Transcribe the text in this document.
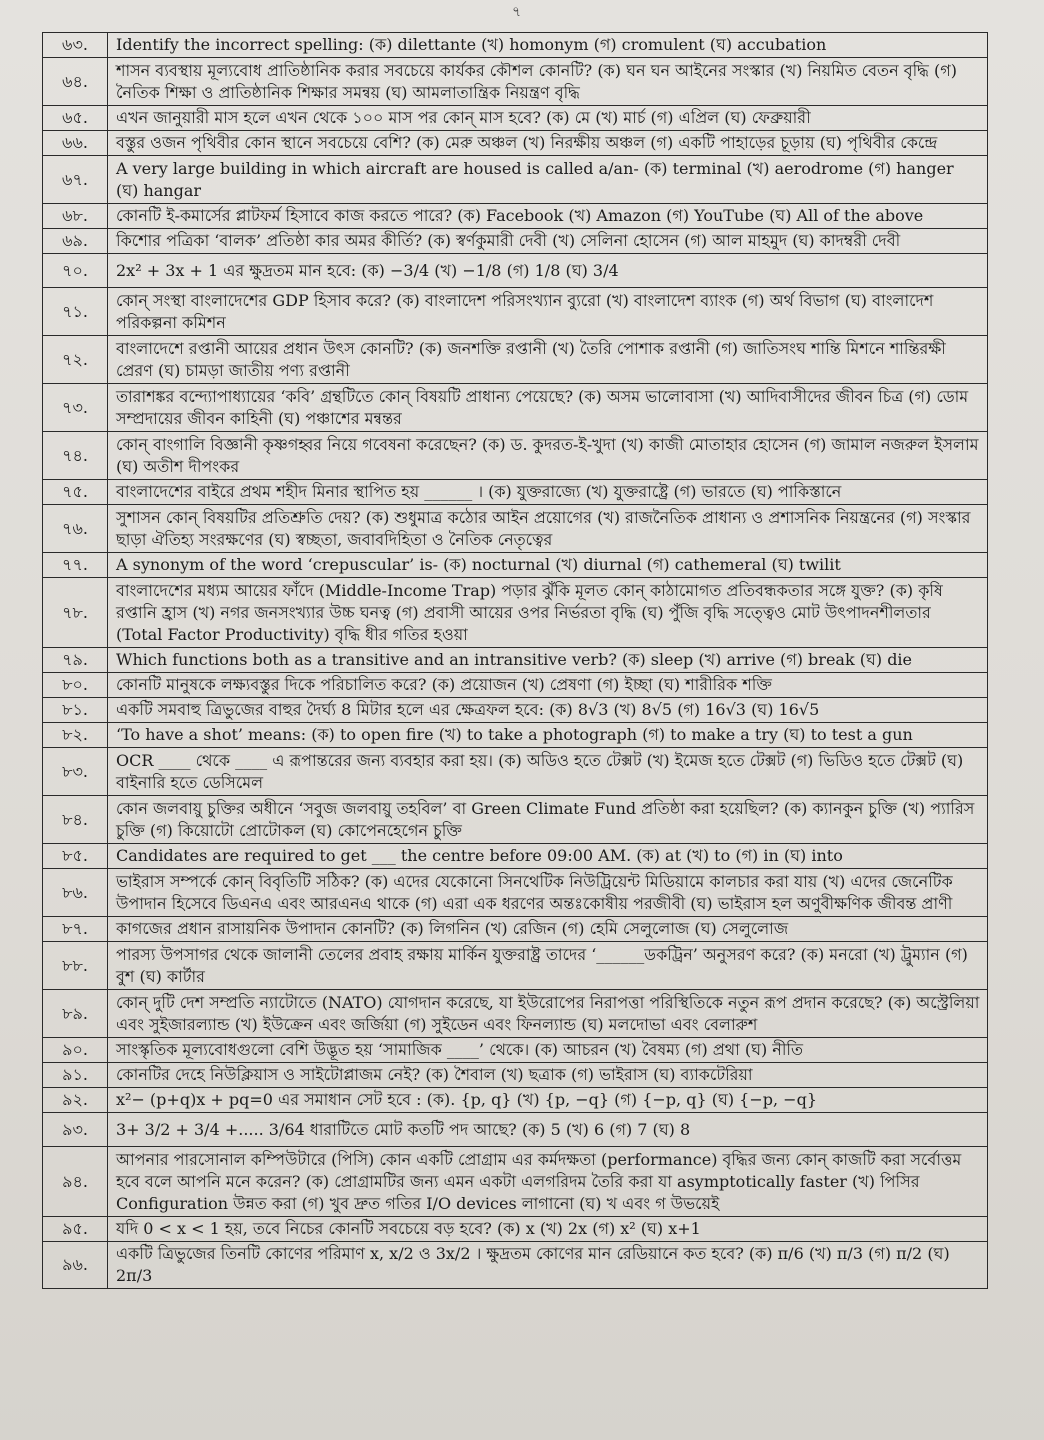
৭
৬৩.	Identify the incorrect spelling: (ক) dilettante (খ) homonym (গ) cromulent (ঘ) accubation
৬৪.	শাসন ব্যবস্থায় মূল্যবোধ প্রাতিষ্ঠানিক করার সবচেয়ে কার্যকর কৌশল কোনটি? (ক) ঘন ঘন আইনের সংস্কার (খ) নিয়মিত বেতন বৃদ্ধি (গ) নৈতিক শিক্ষা ও প্রাতিষ্ঠানিক শিক্ষার সমন্বয় (ঘ) আমলাতান্ত্রিক নিয়ন্ত্রণ বৃদ্ধি
৬৫.	এখন জানুয়ারী মাস হলে এখন থেকে ১০০ মাস পর কোন্ মাস হবে? (ক) মে (খ) মার্চ (গ) এপ্রিল (ঘ) ফেব্রুয়ারী
৬৬.	বস্তুর ওজন পৃথিবীর কোন স্থানে সবচেয়ে বেশি? (ক) মেরু অঞ্চল (খ) নিরক্ষীয় অঞ্চল (গ) একটি পাহাড়ের চূড়ায় (ঘ) পৃথিবীর কেন্দ্রে
৬৭.	A very large building in which aircraft are housed is called a/an- (ক) terminal (খ) aerodrome (গ) hanger (ঘ) hangar
৬৮.	কোনটি ই-কমার্সের প্লাটফর্ম হিসাবে কাজ করতে পারে? (ক) Facebook (খ) Amazon (গ) YouTube (ঘ) All of the above
৬৯.	কিশোর পত্রিকা ‘বালক’ প্রতিষ্ঠা কার অমর কীর্তি? (ক) স্বর্ণকুমারী দেবী (খ) সেলিনা হোসেন (গ) আল মাহমুদ (ঘ) কাদম্বরী দেবী
৭০.	2x² + 3x + 1 এর ক্ষুদ্রতম মান হবে: (ক) −3/4 (খ) −1/8 (গ) 1/8 (ঘ) 3/4
৭১.	কোন্ সংস্থা বাংলাদেশের GDP হিসাব করে? (ক) বাংলাদেশ পরিসংখ্যান ব্যুরো (খ) বাংলাদেশ ব্যাংক (গ) অর্থ বিভাগ (ঘ) বাংলাদেশ পরিকল্পনা কমিশন
৭২.	বাংলাদেশে রপ্তানী আয়ের প্রধান উৎস কোনটি? (ক) জনশক্তি রপ্তানী (খ) তৈরি পোশাক রপ্তানী (গ) জাতিসংঘ শান্তি মিশনে শান্তিরক্ষী প্রেরণ (ঘ) চামড়া জাতীয় পণ্য রপ্তানী
৭৩.	তারাশঙ্কর বন্দ্যোপাধ্যায়ের ‘কবি’ গ্রন্থটিতে কোন্ বিষয়টি প্রাধান্য পেয়েছে? (ক) অসম ভালোবাসা (খ) আদিবাসীদের জীবন চিত্র (গ) ডোম সম্প্রদায়ের জীবন কাহিনী (ঘ) পঞ্চাশের মন্বন্তর
৭৪.	কোন্ বাংগালি বিজ্ঞানী কৃষ্ণগহ্বর নিয়ে গবেষনা করেছেন? (ক) ড. কুদরত-ই-খুদা (খ) কাজী মোতাহার হোসেন (গ) জামাল নজরুল ইসলাম (ঘ) অতীশ দীপংকর
৭৫.	বাংলাদেশের বাইরে প্রথম শহীদ মিনার স্থাপিত হয় ______ । (ক) যুক্তরাজ্যে (খ) যুক্তরাষ্ট্রে (গ) ভারতে (ঘ) পাকিস্তানে
৭৬.	সুশাসন কোন্ বিষয়টির প্রতিশ্রুতি দেয়? (ক) শুধুমাত্র কঠোর আইন প্রয়োগের (খ) রাজনৈতিক প্রাধান্য ও প্রশাসনিক নিয়ন্ত্রনের (গ) সংস্কার ছাড়া ঐতিহ্য সংরক্ষণের (ঘ) স্বচ্ছতা, জবাবদিহিতা ও নৈতিক নেতৃত্বের
৭৭.	A synonym of the word ‘crepuscular’ is- (ক) nocturnal (খ) diurnal (গ) cathemeral (ঘ) twilit
৭৮.	বাংলাদেশের মধ্যম আয়ের ফাঁদে (Middle-Income Trap) পড়ার ঝুঁকি মূলত কোন্ কাঠামোগত প্রতিবন্ধকতার সঙ্গে যুক্ত? (ক) কৃষি রপ্তানি হ্রাস (খ) নগর জনসংখ্যার উচ্চ ঘনত্ব (গ) প্রবাসী আয়ের ওপর নির্ভরতা বৃদ্ধি (ঘ) পুঁজি বৃদ্ধি সত্ত্বেও মোট উৎপাদনশীলতার (Total Factor Productivity) বৃদ্ধি ধীর গতির হওয়া
৭৯.	Which functions both as a transitive and an intransitive verb? (ক) sleep (খ) arrive (গ) break (ঘ) die
৮০.	কোনটি মানুষকে লক্ষ্যবস্তুর দিকে পরিচালিত করে? (ক) প্রয়োজন (খ) প্রেষণা (গ) ইচ্ছা (ঘ) শারীরিক শক্তি
৮১.	একটি সমবাহু ত্রিভুজের বাহুর দৈর্ঘ্য 8 মিটার হলে এর ক্ষেত্রফল হবে: (ক) 8√3 (খ) 8√5 (গ) 16√3 (ঘ) 16√5
৮২.	‘To have a shot’ means: (ক) to open fire (খ) to take a photograph (গ) to make a try (ঘ) to test a gun
৮৩.	OCR ____ থেকে ____ এ রূপান্তরের জন্য ব্যবহার করা হয়। (ক) অডিও হতে টেক্সট (খ) ইমেজ হতে টেক্সট (গ) ভিডিও হতে টেক্সট (ঘ) বাইনারি হতে ডেসিমেল
৮৪.	কোন জলবায়ু চুক্তির অধীনে ‘সবুজ জলবায়ু তহবিল’ বা Green Climate Fund প্রতিষ্ঠা করা হয়েছিল? (ক) ক্যানকুন চুক্তি (খ) প্যারিস চুক্তি (গ) কিয়োটো প্রোটোকল (ঘ) কোপেনহেগেন চুক্তি
৮৫.	Candidates are required to get ___ the centre before 09:00 AM. (ক) at (খ) to (গ) in (ঘ) into
৮৬.	ভাইরাস সম্পর্কে কোন্ বিবৃতিটি সঠিক? (ক) এদের যেকোনো সিনথেটিক নিউট্রিয়েন্ট মিডিয়ামে কালচার করা যায় (খ) এদের জেনেটিক উপাদান হিসেবে ডিএনএ এবং আরএনএ থাকে (গ) এরা এক ধরণের অন্তঃকোষীয় পরজীবী (ঘ) ভাইরাস হল অণুবীক্ষণিক জীবন্ত প্রাণী
৮৭.	কাগজের প্রধান রাসায়নিক উপাদান কোনটি? (ক) লিগনিন (খ) রেজিন (গ) হেমি সেলুলোজ (ঘ) সেলুলোজ
৮৮.	পারস্য উপসাগর থেকে জালানী তেলের প্রবাহ রক্ষায় মার্কিন যুক্তরাষ্ট্র তাদের ‘______ডকট্রিন’ অনুসরণ করে? (ক) মনরো (খ) ট্রুম্যান (গ) বুশ (ঘ) কার্টার
৮৯.	কোন্ দুটি দেশ সম্প্রতি ন্যাটোতে (NATO) যোগদান করেছে, যা ইউরোপের নিরাপত্তা পরিস্থিতিকে নতুন রূপ প্রদান করেছে? (ক) অস্ট্রেলিয়া এবং সুইজারল্যান্ড (খ) ইউক্রেন এবং জর্জিয়া (গ) সুইডেন এবং ফিনল্যান্ড (ঘ) মলদোভা এবং বেলারুশ
৯০.	সাংস্কৃতিক মূল্যবোধগুলো বেশি উদ্ভূত হয় ‘সামাজিক ____’ থেকে। (ক) আচরন (খ) বৈষম্য (গ) প্রথা (ঘ) নীতি
৯১.	কোনটির দেহে নিউক্লিয়াস ও সাইটোপ্লাজম নেই? (ক) শৈবাল (খ) ছত্রাক (গ) ভাইরাস (ঘ) ব্যাকটেরিয়া
৯২.	x²− (p+q)x + pq=0 এর সমাধান সেট হবে : (ক). {p, q} (খ) {p, −q} (গ) {−p, q} (ঘ) {−p, −q}
৯৩.	3+ 3/2 + 3/4 +..... 3/64 ধারাটিতে মোট কতটি পদ আছে? (ক) 5 (খ) 6 (গ) 7 (ঘ) 8
৯৪.	আপনার পারসোনাল কম্পিউটারে (পিসি) কোন একটি প্রোগ্রাম এর কর্মদক্ষতা (performance) বৃদ্ধির জন্য কোন্ কাজটি করা সর্বোত্তম হবে বলে আপনি মনে করেন? (ক) প্রোগ্রামটির জন্য এমন একটা এলগরিদম তৈরি করা যা asymptotically faster (খ) পিসির Configuration উন্নত করা (গ) খুব দ্রুত গতির I/O devices লাগানো (ঘ) খ এবং গ উভয়েই
৯৫.	যদি 0 < x < 1 হয়, তবে নিচের কোনটি সবচেয়ে বড় হবে? (ক) x (খ) 2x (গ) x² (ঘ) x+1
৯৬.	একটি ত্রিভুজের তিনটি কোণের পরিমাণ x, x/2 ও 3x/2 । ক্ষুদ্রতম কোণের মান রেডিয়ানে কত হবে? (ক) π/6 (খ) π/3 (গ) π/2 (ঘ) 2π/3
